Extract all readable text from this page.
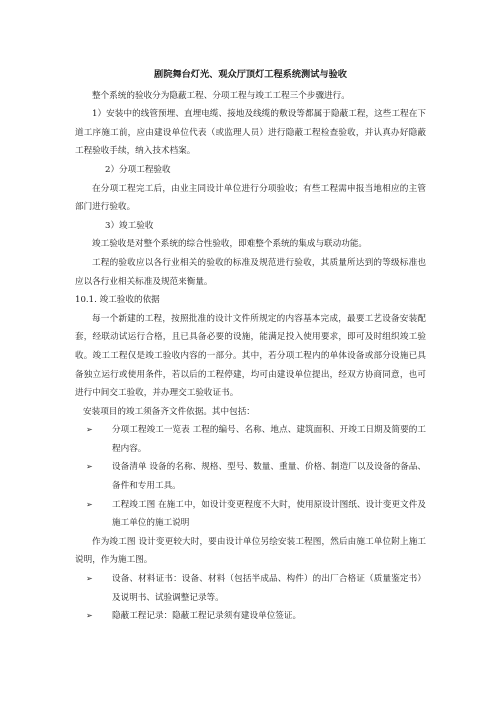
剧院舞台灯光、观众厅顶灯工程系统测试与验收

整个系统的验收分为隐蔽工程、分项工程与竣工工程三个步骤进行。

1）安装中的线管预埋、直埋电缆、接地及线缆的敷设等都属于隐蔽工程，这些工程在下道工序施工前，应由建设单位代表（或监理人员）进行隐蔽工程检查验收，并认真办好隐蔽工程验收手续，纳入技术档案。

2）分项工程验收

在分项工程完工后，由业主同设计单位进行分项验收；有些工程需申报当地相应的主管部门进行验收。

3）竣工验收

竣工验收是对整个系统的综合性验收，即难整个系统的集成与联动功能。

工程的验收应以各行业相关的验收的标准及规范进行验收，其质量所达到的等级标准也应以各行业相关标准及规范来衡量。

10.1. 竣工验收的依据

每一个新建的工程，按照批准的设计文件所规定的内容基本完成，最要工艺设备安装配套，经联动试运行合格，且已具备必要的设施，能满足投入使用要求，即可及时组织竣工验收。竣工工程仅是竣工验收内容的一部分。其中，若分项工程内的单体设备或部分设施已具备独立运行或使用条件，若以后的工程停建，均可由建设单位提出，经双方协商同意，也可进行中间交工验收，并办理交工验收证书。

安装项目的竣工须备齐文件依据。其中包括：

➢ 分项工程竣工一览表 工程的编号、名称、地点、建筑面积、开竣工日期及简要的工程内容。
➢ 设备清单 设备的名称、规格、型号、数量、重量、价格、制造厂以及设备的备品、备件和专用工具。
➢ 工程竣工图 在施工中，如设计变更程度不大时，使用原设计图纸、设计变更文件及施工单位的施工说明

作为竣工图 设计变更较大时，要由设计单位另绘安装工程图，然后由施工单位附上施工说明，作为施工图。

➢ 设备、材料证书：设备、材料（包括半成品、构件）的出厂合格证（质量鉴定书）及说明书、试验调整记录等。
➢ 隐蔽工程记录：隐蔽工程记录须有建设单位签证。
